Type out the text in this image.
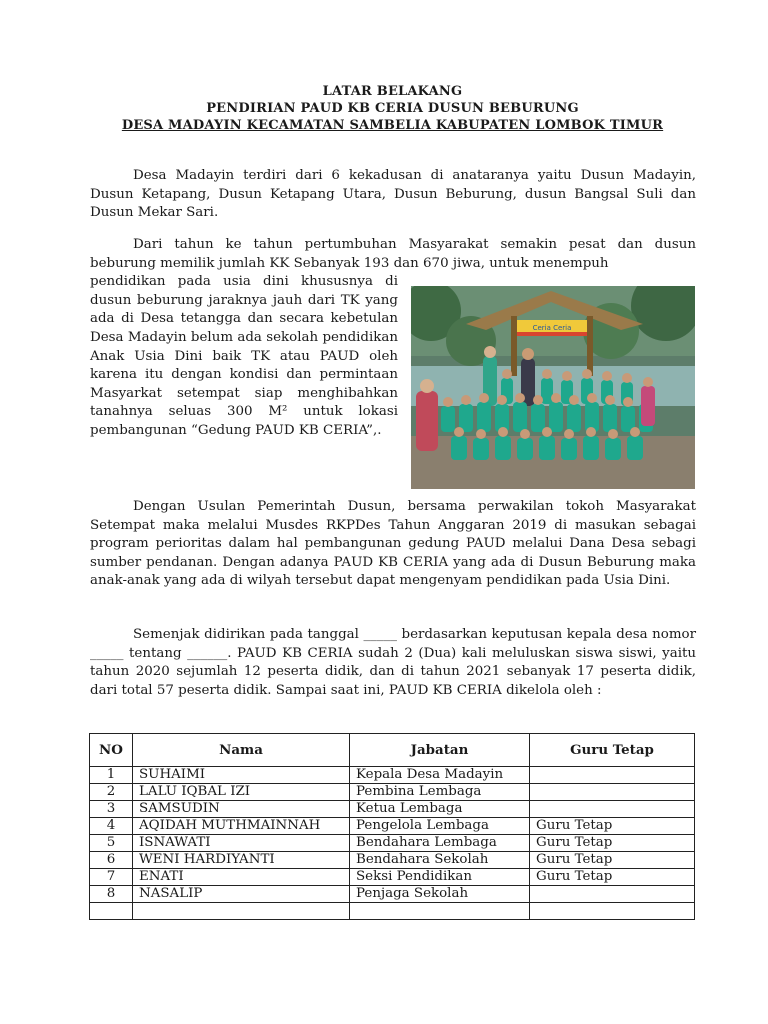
LATAR BELAKANG
PENDIRIAN PAUD KB CERIA DUSUN BEBURUNG
DESA MADAYIN KECAMATAN SAMBELIA KABUPATEN LOMBOK TIMUR

Desa Madayin terdiri dari 6 kekadusan di anataranya yaitu Dusun Madayin, Dusun Ketapang, Dusun Ketapang Utara, Dusun Beburung, dusun Bangsal Suli dan Dusun Mekar Sari.

Dari tahun ke tahun pertumbuhan Masyarakat semakin pesat dan dusun beburung memilik jumlah KK Sebanyak 193 dan 670 jiwa, untuk menempuh

pendidikan pada usia dini khususnya di dusun beburung jaraknya jauh dari TK yang ada di Desa tetangga dan secara kebetulan Desa Madayin belum ada sekolah pendidikan Anak Usia Dini baik TK atau PAUD oleh karena itu dengan kondisi dan permintaan Masyarkat setempat siap menghibahkan tanahnya seluas 300 M² untuk lokasi pembangunan “Gedung PAUD KB CERIA”,.

Ceria Ceria

Dengan Usulan Pemerintah Dusun, bersama perwakilan tokoh Masyarakat Setempat maka melalui Musdes RKPDes Tahun Anggaran 2019 di masukan sebagai program perioritas dalam hal pembangunan gedung PAUD melalui Dana Desa sebagi sumber pendanan. Dengan adanya PAUD KB CERIA yang ada di Dusun Beburung maka anak-anak yang ada di wilyah tersebut dapat mengenyam pendidikan pada Usia Dini.

Semenjak didirikan pada tanggal _____ berdasarkan keputusan kepala desa nomor _____ tentang ______. PAUD KB CERIA sudah 2 (Dua) kali meluluskan siswa siswi, yaitu tahun 2020 sejumlah 12 peserta didik, dan di tahun 2021 sebanyak 17 peserta didik, dari total 57 peserta didik. Sampai saat ini, PAUD KB CERIA dikelola oleh :

NO	Nama	Jabatan	Guru Tetap
1	SUHAIMI	Kepala Desa Madayin	
2	LALU IQBAL IZI	Pembina Lembaga	
3	SAMSUDIN	Ketua Lembaga	
4	AQIDAH MUTHMAINNAH	Pengelola Lembaga	Guru Tetap
5	ISNAWATI	Bendahara Lembaga	Guru Tetap
6	WENI HARDIYANTI	Bendahara Sekolah	Guru Tetap
7	ENATI	Seksi Pendidikan	Guru Tetap
8	NASALIP	Penjaga Sekolah	
